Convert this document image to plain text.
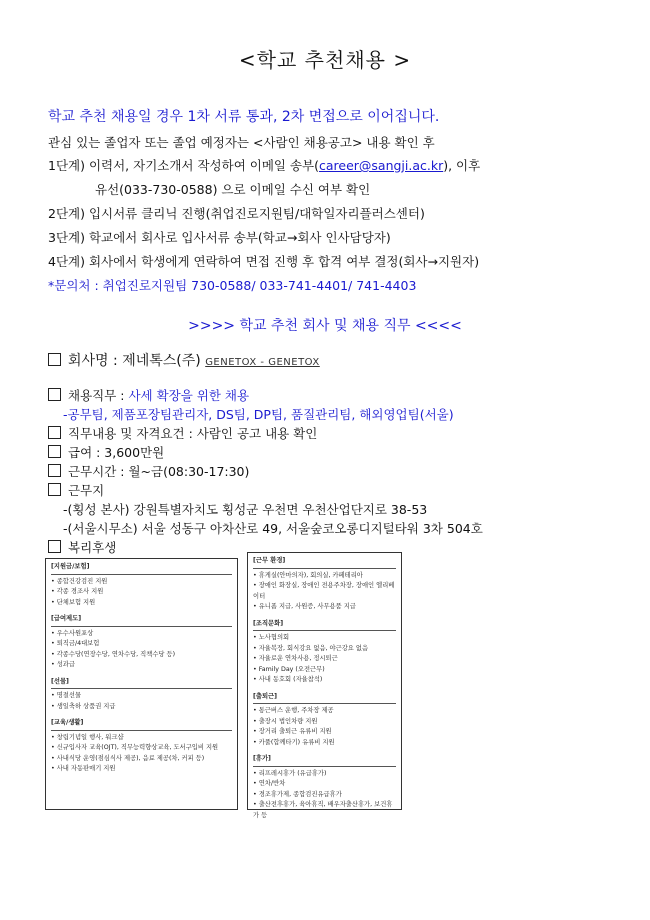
<학교 추천채용 >
학교 추천 채용일 경우 1차 서류 통과, 2차 면접으로 이어집니다.
관심 있는 졸업자 또는 졸업 예정자는 <사람인 채용공고> 내용 확인 후
1단계) 이력서, 자기소개서 작성하여 이메일 송부(career@sangji.ac.kr), 이후
유선(033-730-0588) 으로 이메일 수신 여부 확인
2단계) 입시서류 클리닉 진행(취업진로지원팀/대학일자리플러스센터)
3단계) 학교에서 회사로 입사서류 송부(학교→회사 인사담당자)
4단계) 회사에서 학생에게 연락하여 면접 진행 후 합격 여부 결정(회사→지원자)
*문의처 : 취업진로지원팀 730-0588/ 033-741-4401/ 741-4403
>>>> 학교 추천 회사 및 채용 직무 <<<<
회사명 : 제네톡스(주) GENETOX - GENETOX
채용직무 : 사세 확장을 위한 채용
-공무팀, 제품포장팀관리자, DS팀, DP팀, 품질관리팀, 해외영업팀(서울)
직무내용 및 자격요건 : 사람인 공고 내용 확인
급여 : 3,600만원
근무시간 : 월~금(08:30-17:30)
근무지
-(횡성 본사) 강원특별자치도 횡성군 우천면 우천산업단지로 38-53
-(서울시무소) 서울 성동구 아차산로 49, 서울숲코오롱디지털타워 3차 504호
복리후생
[지원금/보험]
• 종합건강검진 지원
• 각종 경조사 지원
• 단체보험 지원
[급여제도]
• 우수사원포상
• 퇴직금/4대보험
• 각종수당(연장수당, 연차수당, 직책수당 등)
• 성과급
[선물]
• 명절선물
• 생일축하 상품권 지급
[교육/생활]
• 창립기념일 행사, 워크샵
• 신규입사자 교육(OJT), 직무능력향상교육, 도서구입비 지원
• 사내식당 운영(점심식사 제공), 음료 제공(차, 커피 등)
• 사내 자동판매기 지원
[근무 환경]
• 휴게실(안마의자), 회의실, 카페테리아
• 장애인 화장실, 장애인 전용주차장, 장애인 엘리베이터
• 유니폼 지급, 사원증, 사무용품 지급
[조직문화]
• 노사협의회
• 자율복장, 회식강요 없음, 야근강요 없음
• 자율로운 연차사용, 정시퇴근
• Family Day (오전근무)
• 사내 동호회 (자율참석)
[출퇴근]
• 통근버스 운행, 주차장 제공
• 출장시 법인차량 지원
• 장거리 출퇴근 유류비 지원
• 카풀(합께타기) 유류비 지원
[휴가]
• 리프레시휴가 (유급휴가)
• 연차/반차
• 경조휴가제, 종합검진유급휴가
• 출산전후휴가, 육아휴직, 배우자출산휴가, 보건휴가 등
